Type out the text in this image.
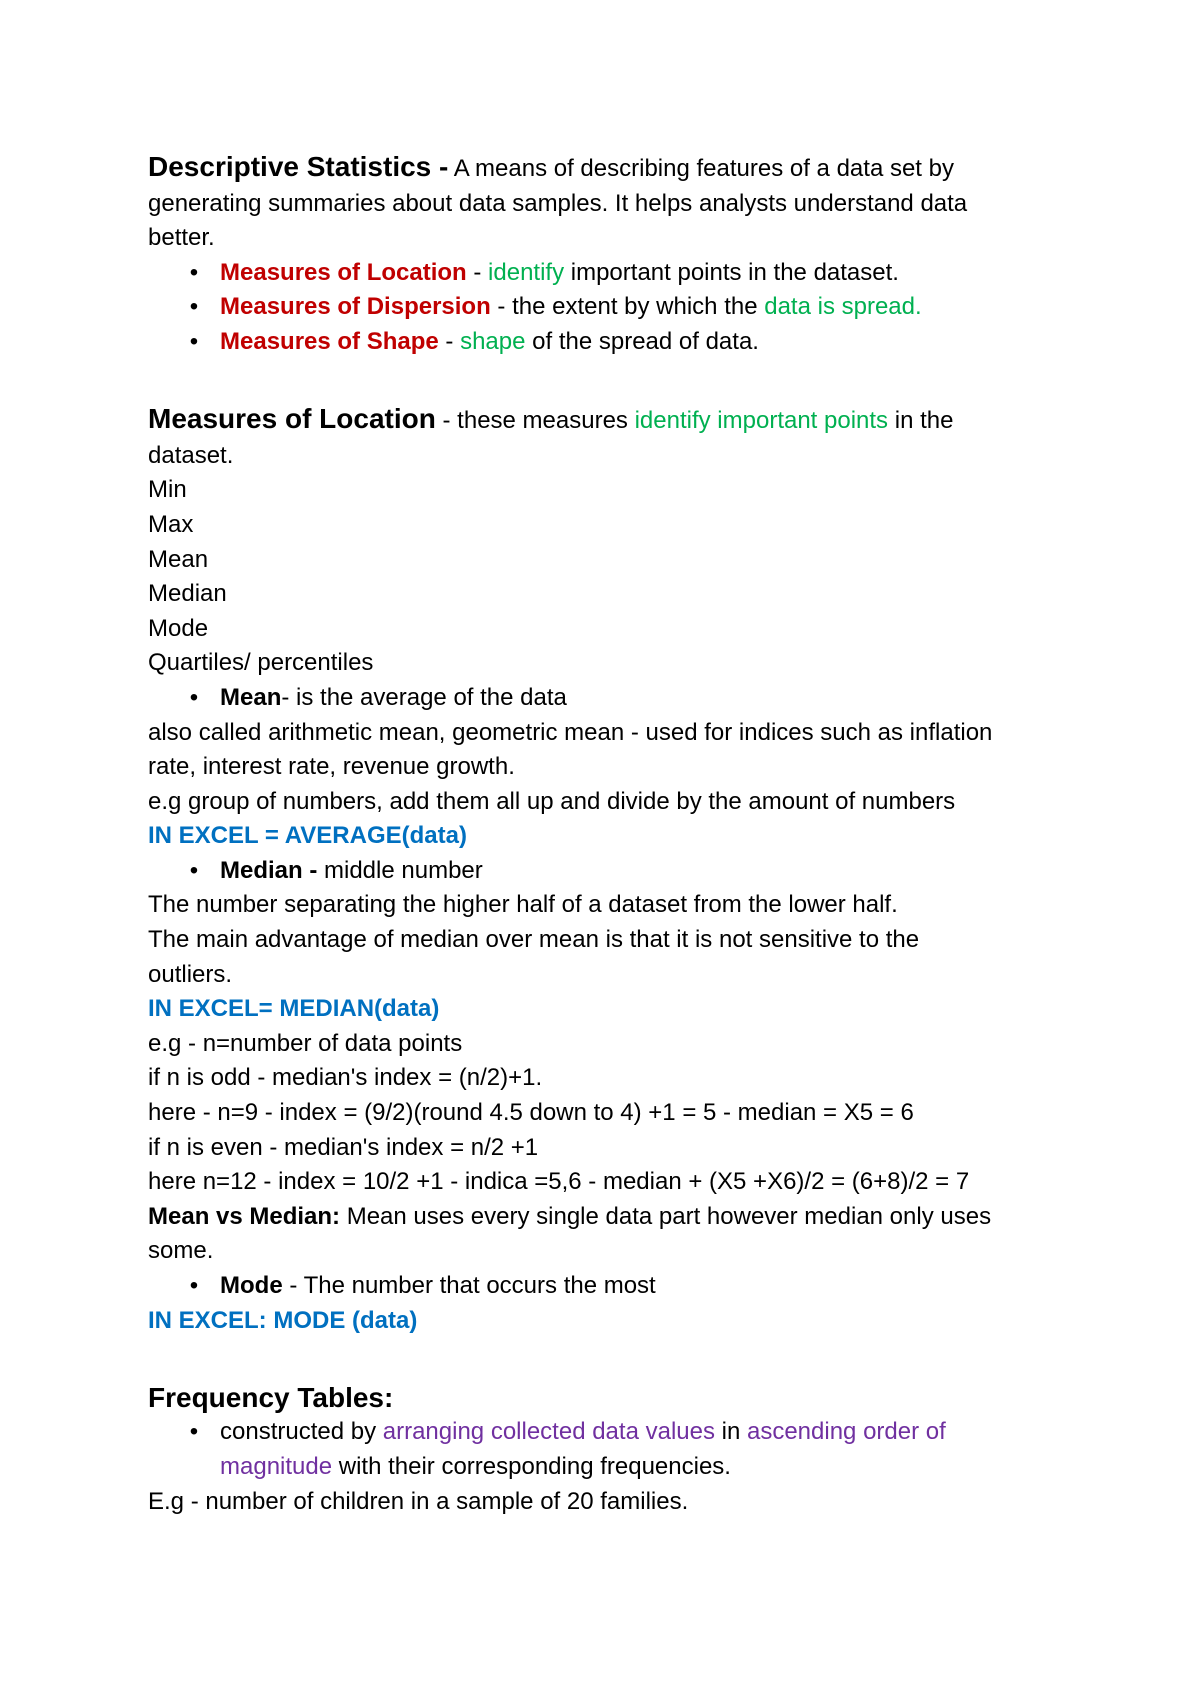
Descriptive Statistics - A means of describing features of a data set by
generating summaries about data samples. It helps analysts understand data
better.
• Measures of Location - identify important points in the dataset.
• Measures of Dispersion - the extent by which the data is spread.
• Measures of Shape - shape of the spread of data.
Measures of Location - these measures identify important points in the
dataset.
Min
Max
Mean
Median
Mode
Quartiles/ percentiles
• Mean- is the average of the data
also called arithmetic mean, geometric mean - used for indices such as inflation
rate, interest rate, revenue growth.
e.g group of numbers, add them all up and divide by the amount of numbers
IN EXCEL = AVERAGE(data)
• Median - middle number
The number separating the higher half of a dataset from the lower half.
The main advantage of median over mean is that it is not sensitive to the
outliers.
IN EXCEL= MEDIAN(data)
e.g - n=number of data points
if n is odd - median's index = (n/2)+1.
here - n=9 - index = (9/2)(round 4.5 down to 4) +1 = 5 - median = X5 = 6
if n is even - median's index = n/2 +1
here n=12 - index = 10/2 +1 - indica =5,6 - median + (X5 +X6)/2 = (6+8)/2 = 7
Mean vs Median: Mean uses every single data part however median only uses
some.
• Mode - The number that occurs the most
IN EXCEL: MODE (data)
Frequency Tables:
• constructed by arranging collected data values in ascending order of
magnitude with their corresponding frequencies.
E.g - number of children in a sample of 20 families.
